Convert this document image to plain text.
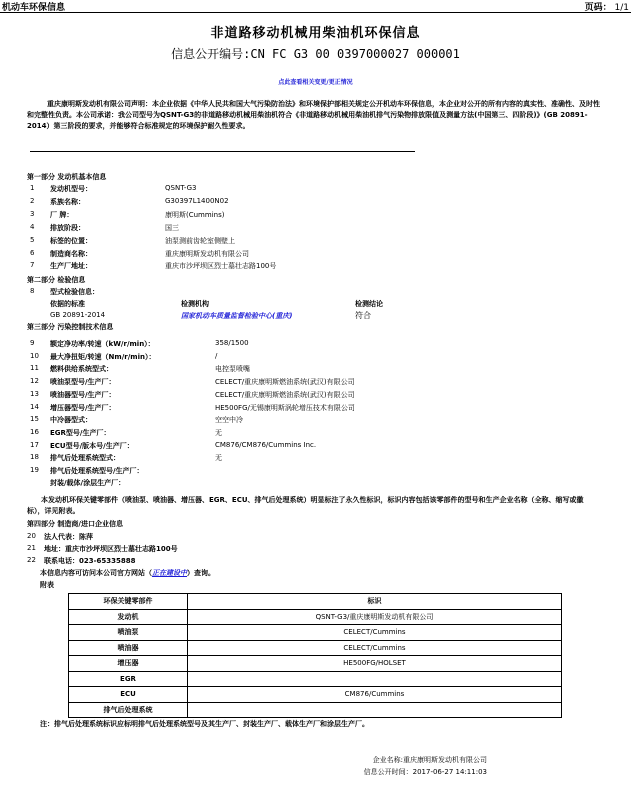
机动车环保信息	页码： 1/1
非道路移动机械用柴油机环保信息
信息公开编号:CN FC G3 00 0397000027 000001
点此查看相关变更/更正情况
重庆康明斯发动机有限公司声明：本企业依据《中华人民共和国大气污染防治法》和环境保护部相关规定公开机动车环保信息，本企业对公开的所有内容的真实性、准确性、及时性和完整性负责。本公司承诺：我公司型号为QSNT-G3的非道路移动机械用柴油机符合《非道路移动机械用柴油机排气污染物排放限值及测量方法(中国第三、四阶段)》(GB 20891-2014）第三阶段的要求，并能够符合标准规定的环境保护耐久性要求。
第一部分 发动机基本信息
1 发动机型号：	QSNT-G3
2 系族名称：	G30397L1400N02
3 厂 牌：	康明斯(Cummins)
4 排放阶段：	国三
5 标签的位置：	油泵测前齿轮室侧壁上
6 制造商名称：	重庆康明斯发动机有限公司
7 生产厂地址：	重庆市沙坪坝区烈士墓壮志路100号
第二部分 检验信息
8 型式检验信息：
依据的标准	检测机构	检测结论
GB 20891-2014	国家机动车质量监督检验中心(重庆)	符合
第三部分 污染控制技术信息
9 额定净功率/转速（kW/r/min）：	358/1500
10 最大净扭矩/转速（Nm/r/min）：	/
11 燃料供给系统型式：	电控泵喷嘴
12 喷油泵型号/生产厂：	CELECT/重庆康明斯燃油系统(武汉)有限公司
13 喷油器型号/生产厂：	CELECT/重庆康明斯燃油系统(武汉)有限公司
14 增压器型号/生产厂：	HE500FG/无锡康明斯涡轮增压技术有限公司
15 中冷器型式：	空空中冷
16 EGR型号/生产厂：	无
17 ECU型号/版本号/生产厂：	CM876/CM876/Cummins Inc.
18 排气后处理系统型式：	无
19 排气后处理系统型号/生产厂：
封装/载体/涂层生产厂：
本发动机环保关键零部件（喷油泵、喷油器、增压器、EGR、ECU、排气后处理系统）明显标注了永久性标识，标识内容包括该零部件的型号和生产企业名称（全称、缩写或徽标），详见附表。
第四部分 制造商/进口企业信息
20 法人代表：陈萍
21 地址：重庆市沙坪坝区烈士墓壮志路100号
22 联系电话：023-65335888
本信息内容可访问本公司官方网站（正在建设中）查询。
附表
环保关键零部件	标识
发动机	QSNT-G3/重庆康明斯发动机有限公司
喷油泵	CELECT/Cummins
喷油器	CELECT/Cummins
增压器	HE500FG/HOLSET
EGR	
ECU	CM876/Cummins
排气后处理系统	
注：排气后处理系统标识应标明排气后处理系统型号及其生产厂、封装生产厂、载体生产厂和涂层生产厂。
企业名称:重庆康明斯发动机有限公司
信息公开时间：2017-06-27 14:11:03
